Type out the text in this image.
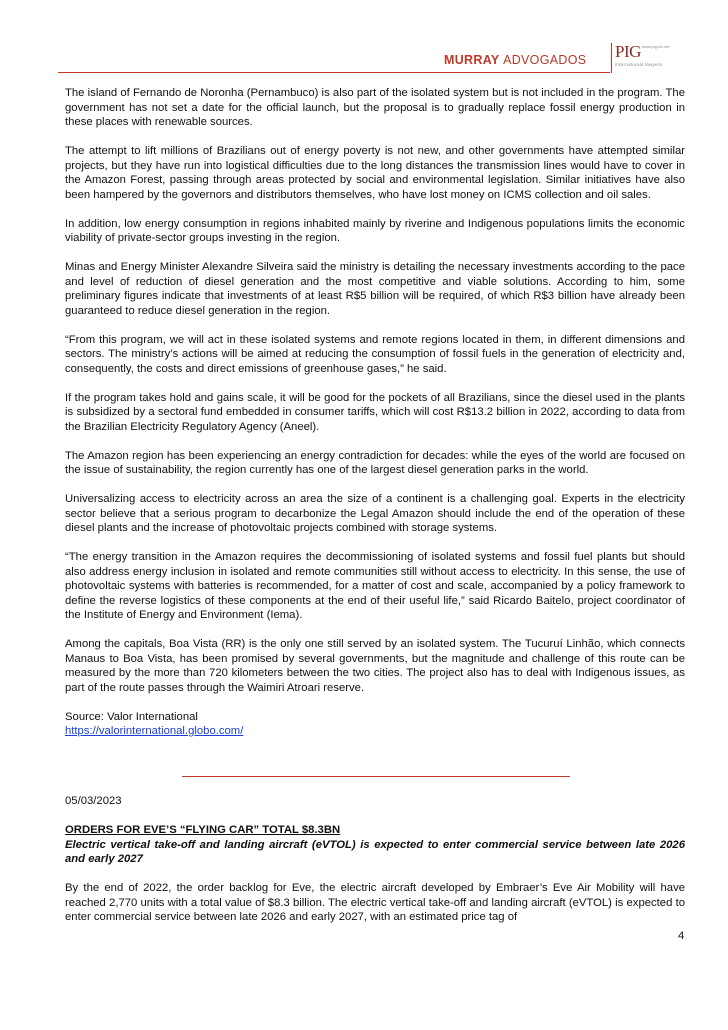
MURRAY ADVOGADOS PIG www.pig-int.net
international lawyers

The island of Fernando de Noronha (Pernambuco) is also part of the isolated system but is not included in the program. The government has not set a date for the official launch, but the proposal is to gradually replace fossil energy production in these places with renewable sources.

The attempt to lift millions of Brazilians out of energy poverty is not new, and other governments have attempted similar projects, but they have run into logistical difficulties due to the long distances the transmission lines would have to cover in the Amazon Forest, passing through areas protected by social and environmental legislation. Similar initiatives have also been hampered by the governors and distributors themselves, who have lost money on ICMS collection and oil sales.

In addition, low energy consumption in regions inhabited mainly by riverine and Indigenous populations limits the economic viability of private-sector groups investing in the region.

Minas and Energy Minister Alexandre Silveira said the ministry is detailing the necessary investments according to the pace and level of reduction of diesel generation and the most competitive and viable solutions. According to him, some preliminary figures indicate that investments of at least R$5 billion will be required, of which R$3 billion have already been guaranteed to reduce diesel generation in the region.

“From this program, we will act in these isolated systems and remote regions located in them, in different dimensions and sectors. The ministry’s actions will be aimed at reducing the consumption of fossil fuels in the generation of electricity and, consequently, the costs and direct emissions of greenhouse gases,” he said.

If the program takes hold and gains scale, it will be good for the pockets of all Brazilians, since the diesel used in the plants is subsidized by a sectoral fund embedded in consumer tariffs, which will cost R$13.2 billion in 2022, according to data from the Brazilian Electricity Regulatory Agency (Aneel).

The Amazon region has been experiencing an energy contradiction for decades: while the eyes of the world are focused on the issue of sustainability, the region currently has one of the largest diesel generation parks in the world.

Universalizing access to electricity across an area the size of a continent is a challenging goal. Experts in the electricity sector believe that a serious program to decarbonize the Legal Amazon should include the end of the operation of these diesel plants and the increase of photovoltaic projects combined with storage systems.

“The energy transition in the Amazon requires the decommissioning of isolated systems and fossil fuel plants but should also address energy inclusion in isolated and remote communities still without access to electricity. In this sense, the use of photovoltaic systems with batteries is recommended, for a matter of cost and scale, accompanied by a policy framework to define the reverse logistics of these components at the end of their useful life,” said Ricardo Baitelo, project coordinator of the Institute of Energy and Environment (Iema).

Among the capitals, Boa Vista (RR) is the only one still served by an isolated system. The Tucuruí Linhão, which connects Manaus to Boa Vista, has been promised by several governments, but the magnitude and challenge of this route can be measured by the more than 720 kilometers between the two cities. The project also has to deal with Indigenous issues, as part of the route passes through the Waimiri Atroari reserve.

Source: Valor International
https://valorinternational.globo.com/
05/03/2023
ORDERS FOR EVE’S “FLYING CAR” TOTAL $8.3BN
Electric vertical take-off and landing aircraft (eVTOL) is expected to enter commercial service between late 2026 and early 2027

By the end of 2022, the order backlog for Eve, the electric aircraft developed by Embraer’s Eve Air Mobility will have reached 2,770 units with a total value of $8.3 billion. The electric vertical take-off and landing aircraft (eVTOL) is expected to enter commercial service between late 2026 and early 2027, with an estimated price tag of

4
